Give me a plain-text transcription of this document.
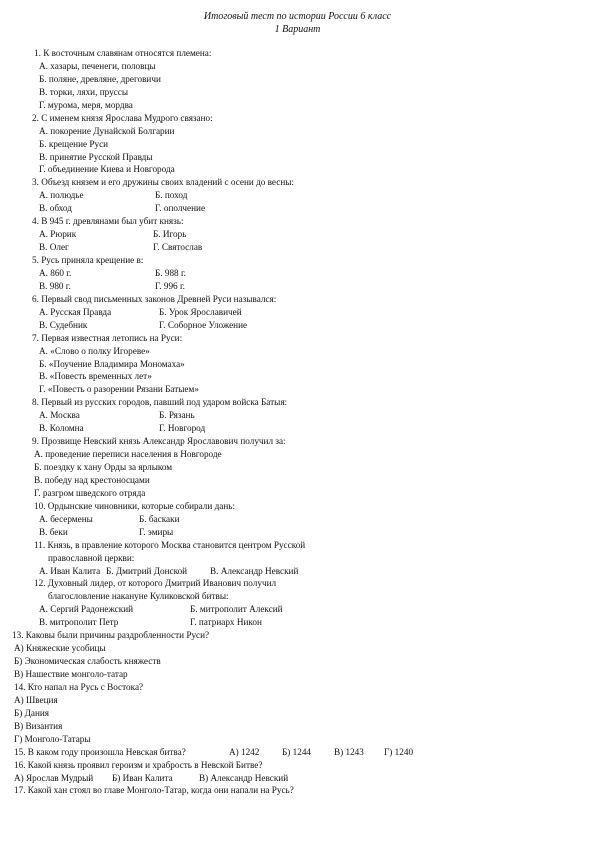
Итоговый тест по истории России 6 класс
1 Вариант
1. К восточным славянам относятся племена:
А. хазары, печенеги, половцы
Б. поляне, древляне, дреговичи
В. торки, ляхи, пруссы
Г. мурома, меря, мордва
2. С именем князя Ярослава Мудрого связано:
А. покорение Дунайской Болгарии
Б. крещение Руси
В. принятие Русской Правды
Г. объединение Киева и Новгорода
3. Объезд князем и его дружины своих владений с осени до весны:
А. полюдье	Б. поход
В. обход	Г. ополчение
4. В 945 г. древлянами был убит князь:
А. Рюрик	Б. Игорь
В. Олег	Г. Святослав
5. Русь приняла крещение в:
А. 860 г.	Б. 988 г.
В. 980 г.	Г. 996 г.
6. Первый свод письменных законов Древней Руси назывался:
А. Русская Правда	Б. Урок Ярославичей
В. Судебник	Г. Соборное Уложение
7. Первая известная летопись на Руси:
А. «Слово о полку Игореве»
Б. «Поучение Владимира Мономаха»
В. «Повесть временных лет»
Г. «Повесть о разорении Рязани Батыем»
8. Первый из русских городов, павший под ударом войска Батыя:
А. Москва	Б. Рязань
В. Коломна	Г. Новгород
9. Прозвище Невский князь Александр Ярославович получил за:
А. проведение переписи населения в Новгороде
Б. поездку к хану Орды за ярлыком
В. победу над крестоносцами
Г. разгром шведского отряда
10. Ордынские чиновники, которые собирали дань:
А. бесермены	Б. баскаки
В. беки	Г. эмиры
11. Князь, в правление которого Москва становится центром Русской
православной церкви:
А. Иван Калита Б. Дмитрий Донской В. Александр Невский
12. Духовный лидер, от которого Дмитрий Иванович получил
благословление накануне Куликовской битвы:
А. Сергий Радонежский	Б. митрополит Алексий
В. митрополит Петр	Г. патриарх Никон
13. Каковы были причины раздробленности Руси?
А) Княжеские усобицы
Б) Экономическая слабость княжеств
В) Нашествие монголо-татар
14. Кто напал на Русь с Востока?
А) Швеция
Б) Дания
В) Византия
Г) Монголо-Татары
15. В каком году произошла Невская битва?	А) 1242 Б) 1244 В) 1243 Г) 1240
16. Какой князь проявил героизм и храбрость в Невской Битве?
А) Ярослав Мудрый Б) Иван Калита	В) Александр Невский
17. Какой хан стоял во главе Монголо-Татар, когда они напали на Русь?
